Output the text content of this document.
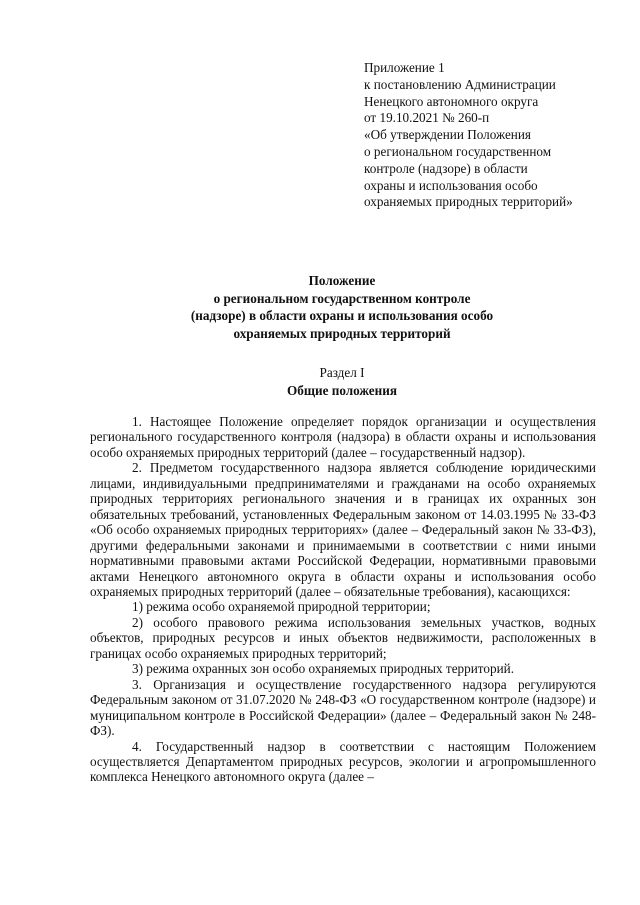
Приложение 1
к постановлению Администрации
Ненецкого автономного округа
от 19.10.2021 № 260-п
«Об утверждении Положения
о региональном государственном
контроле (надзоре) в области
охраны и использования особо
охраняемых природных территорий»
Положение
о региональном государственном контроле
(надзоре) в области охраны и использования особо
охраняемых природных территорий
Раздел I
Общие положения

1. Настоящее Положение определяет порядок организации и осуществления регионального государственного контроля (надзора) в области охраны и использования особо охраняемых природных территорий (далее – государственный надзор).

2. Предметом государственного надзора является соблюдение юридическими лицами, индивидуальными предпринимателями и гражданами на особо охраняемых природных территориях регионального значения и в границах их охранных зон обязательных требований, установленных Федеральным законом от 14.03.1995 № 33-ФЗ «Об особо охраняемых природных территориях» (далее – Федеральный закон № 33-ФЗ), другими федеральными законами и принимаемыми в соответствии с ними иными нормативными правовыми актами Российской Федерации, нормативными правовыми актами Ненецкого автономного округа в области охраны и использования особо охраняемых природных территорий (далее – обязательные требования), касающихся:

1) режима особо охраняемой природной территории;

2) особого правового режима использования земельных участков, водных объектов, природных ресурсов и иных объектов недвижимости, расположенных в границах особо охраняемых природных территорий;

3) режима охранных зон особо охраняемых природных территорий.

3. Организация и осуществление государственного надзора регулируются Федеральным законом от 31.07.2020 № 248-ФЗ «О государственном контроле (надзоре) и муниципальном контроле в Российской Федерации» (далее – Федеральный закон № 248-ФЗ).

4. Государственный надзор в соответствии с настоящим Положением осуществляется Департаментом природных ресурсов, экологии и агропромышленного комплекса Ненецкого автономного округа (далее –
